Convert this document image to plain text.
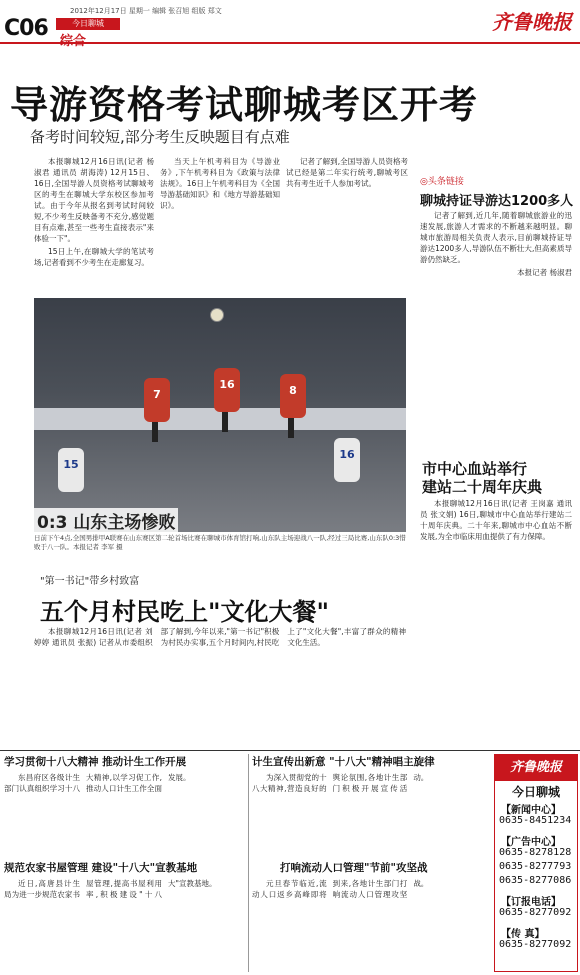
C06
2012年12月17日 星期一 编辑 张召旭 组版 郑文
今日聊城	齐鲁晚报
导游资格考试聊城考区开考
备考时间较短,部分考生反映题目有点难

本报聊城12月16日讯(记者 杨淑君 通讯员 胡海涛) 12月15日、16日,全国导游人员资格考试聊城考区的考生在聊城大学东校区参加考试。由于今年从报名到考试时间较短,不少考生反映备考不充分,感觉题目有点难,甚至一些考生直接表示"来体验一下"。

15日上午,在聊城大学的笔试考场,记者看到不少考生在走廊复习。

当天上午机考科目为《导游业务》,下午机考科目为《政策与法律法规》。16日上午机考科目为《全国导游基础知识》和《地方导游基础知识》。

记者了解到,全国导游人员资格考试已经是第二年实行统考,聊城考区共有考生近千人参加考试。

7
16	8
15
16
0:3 山东主场惨败
日前下午4点,全国男排甲A联赛在山东赛区第二轮首场比赛在聊城市体育馆打响,山东队主场迎战八一队,经过三局比赛,山东队0:3惜败于八一队。本报记者 李军 摄
◎头条链接
聊城持证导游达1200多人

记者了解到,近几年,随着聊城旅游业的迅速发展,旅游人才需求的不断越来越明显。聊城市旅游局相关负责人表示,目前聊城持证导游达1200多人,导游队伍不断壮大,但高素质导游仍然缺乏。

本报记者 杨淑君

市中心血站举行
建站二十周年庆典

本报聊城12月16日讯(记者 王岗嘉 通讯员 张文娟) 16日,聊城市中心血站举行建站二十周年庆典。二十年来,聊城市中心血站不断发展,为全市临床用血提供了有力保障。

"第一书记"带乡村致富
五个月村民吃上"文化大餐"

本报聊城12月16日讯(记者 刘婷婷 通讯员 张振) 记者从市委组织部了解到,今年以来,"第一书记"积极为村民办实事,五个月时间内,村民吃上了"文化大餐",丰富了群众的精神文化生活。

学习贯彻十八大精神 推动计生工作开展	计生宣传出新意 "十八大"精神唱主旋律

东昌府区各级计生部门认真组织学习十八大精神,以学习促工作,推动人口计生工作全面发展。	为深入贯彻党的十八大精神,营造良好的舆论氛围,各地计生部门积极开展宣传活动。

规范农家书屋管理 建设"十八大"宣教基地	打响流动人口管理"节前"攻坚战

近日,高唐县计生局为进一步规范农家书屋管理,提高书屋利用率,积极建设"十八大"宣教基地。	元旦春节临近,流动人口返乡高峰即将到来,各地计生部门打响流动人口管理攻坚战。

齐鲁晚报
今日聊城
【新闻中心】
0635-8451234
【广告中心】
0635-8278128
0635-8277793
0635-8277086
【订报电话】
0635-8277092
【传 真】
0635-8277092
